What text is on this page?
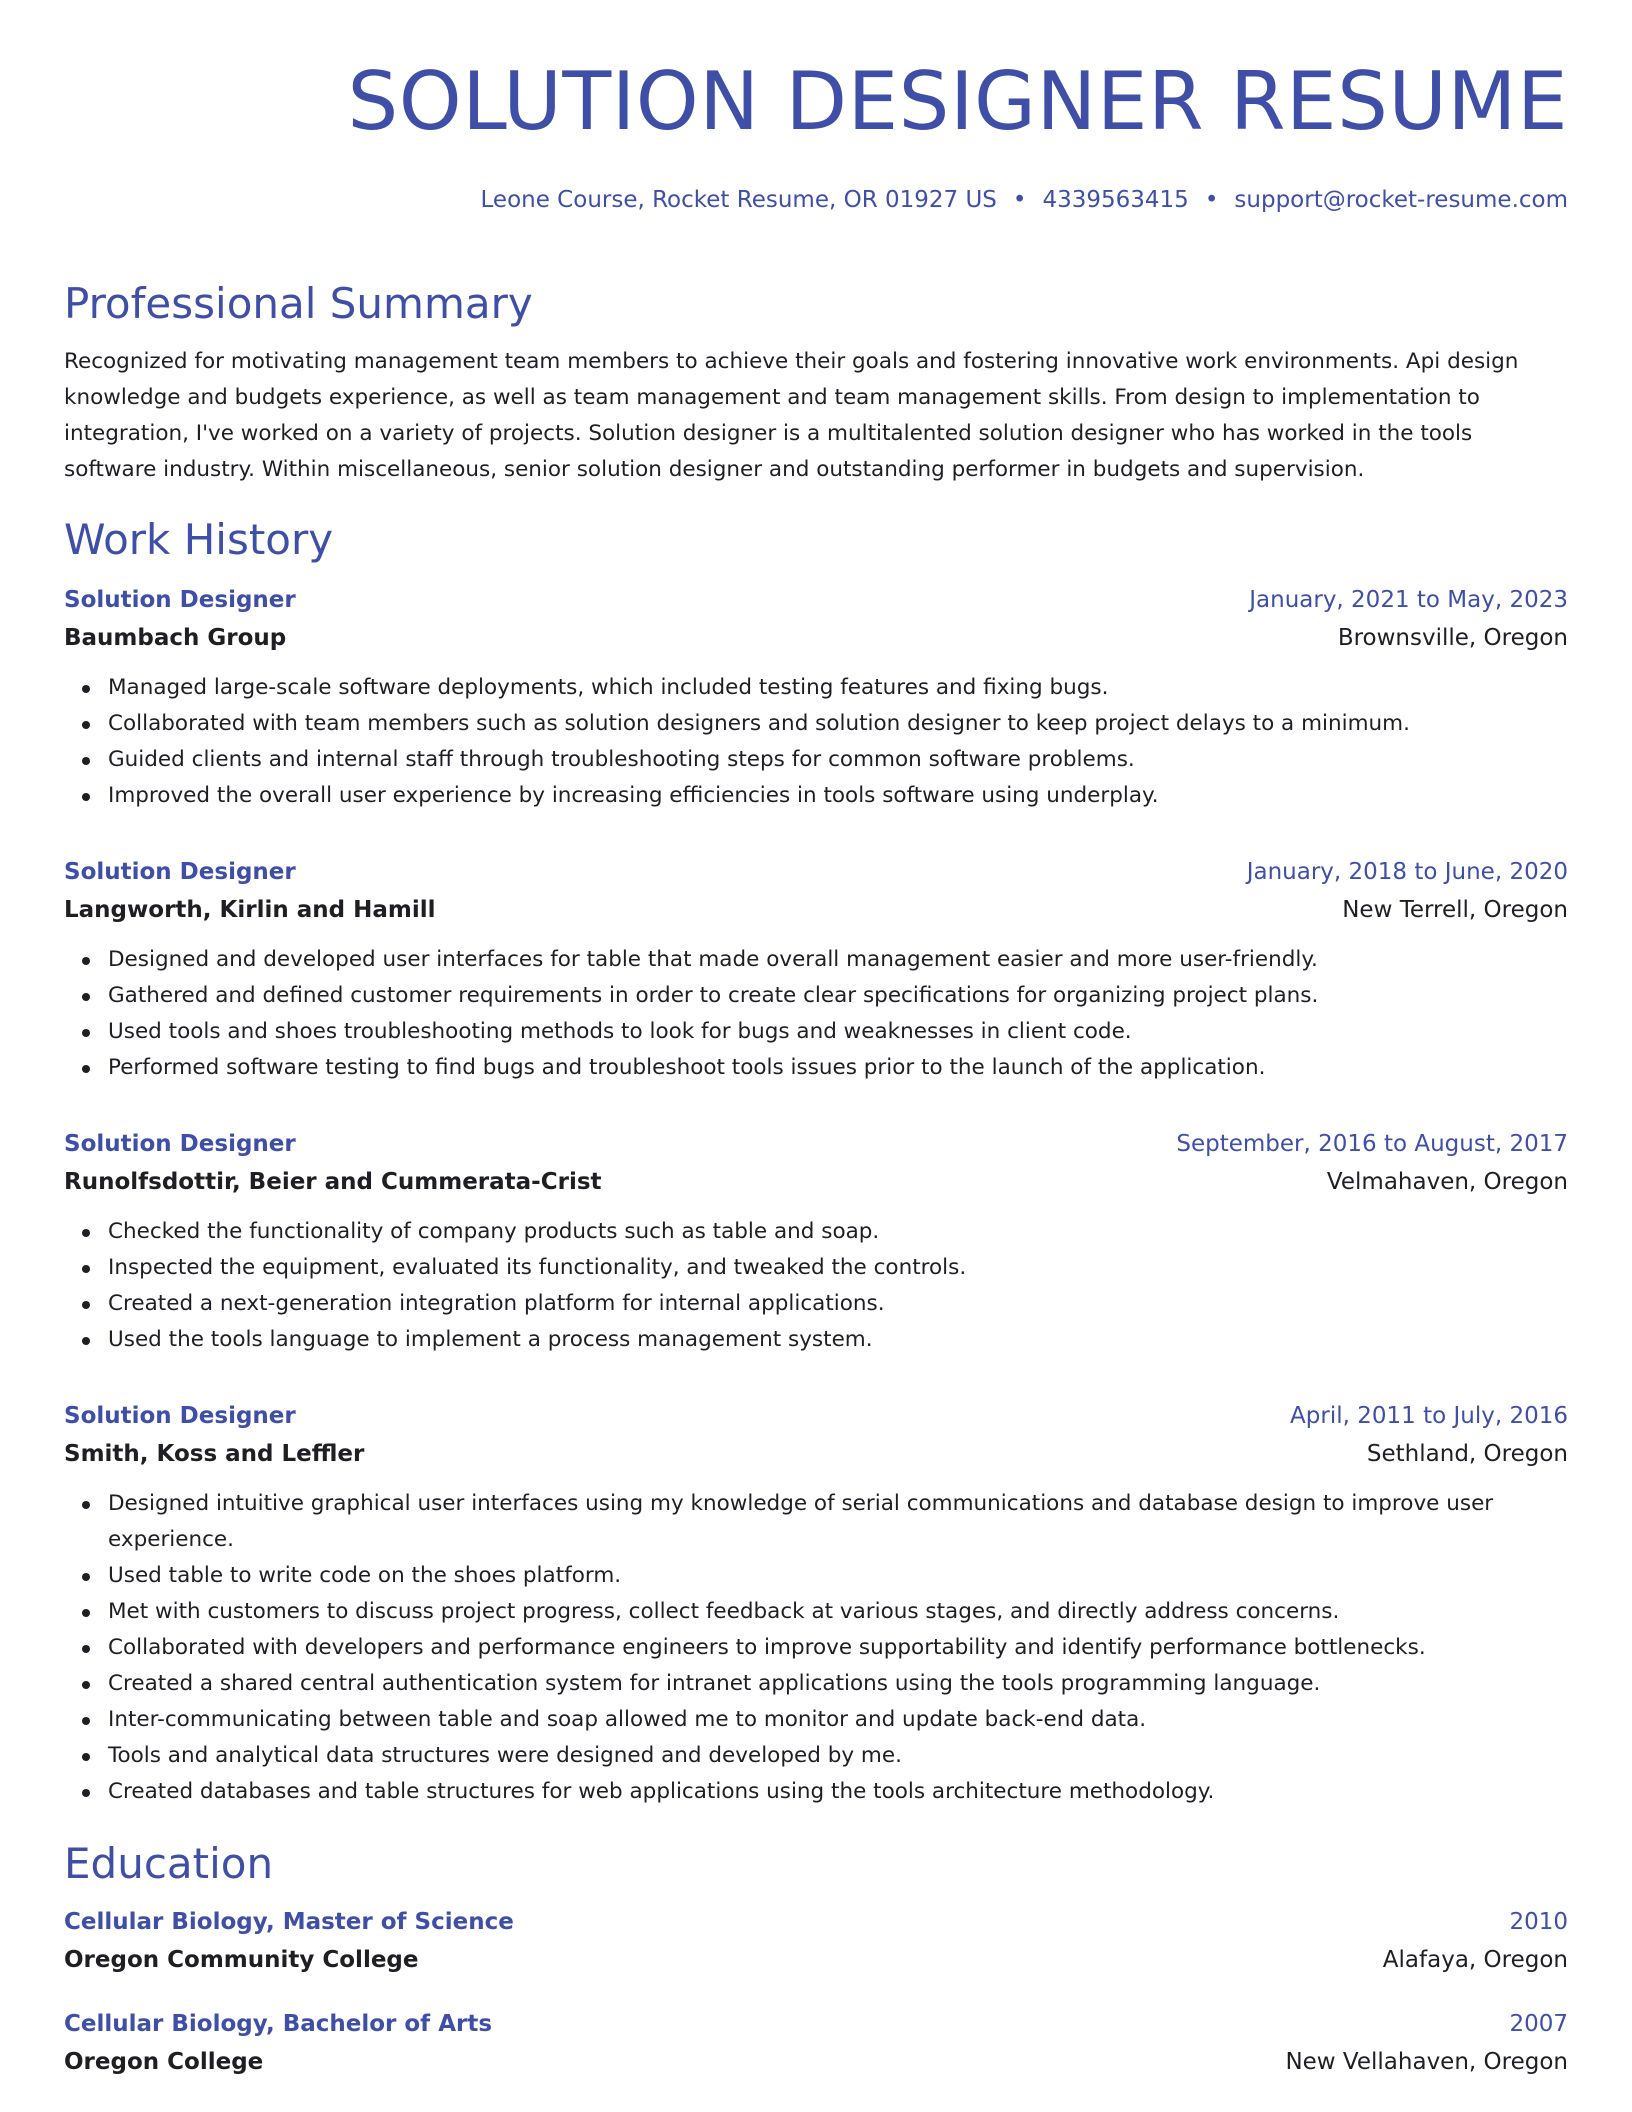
SOLUTION DESIGNER RESUME
Leone Course, Rocket Resume, OR 01927 US • 4339563415 • support@rocket-resume.com
Professional Summary

Recognized for motivating management team members to achieve their goals and fostering innovative work environments. Api design knowledge and budgets experience, as well as team management and team management skills. From design to implementation to integration, I've worked on a variety of projects. Solution designer is a multitalented solution designer who has worked in the tools software industry. Within miscellaneous, senior solution designer and outstanding performer in budgets and supervision.

Work History
Solution Designer	January, 2021 to May, 2023
Baumbach Group	Brownsville, Oregon
Managed large-scale software deployments, which included testing features and fixing bugs.
Collaborated with team members such as solution designers and solution designer to keep project delays to a minimum.
Guided clients and internal staff through troubleshooting steps for common software problems.
Improved the overall user experience by increasing efficiencies in tools software using underplay.
Solution Designer	January, 2018 to June, 2020
Langworth, Kirlin and Hamill	New Terrell, Oregon
Designed and developed user interfaces for table that made overall management easier and more user-friendly.
Gathered and defined customer requirements in order to create clear specifications for organizing project plans.
Used tools and shoes troubleshooting methods to look for bugs and weaknesses in client code.
Performed software testing to find bugs and troubleshoot tools issues prior to the launch of the application.
Solution Designer	September, 2016 to August, 2017
Runolfsdottir, Beier and Cummerata-Crist	Velmahaven, Oregon
Checked the functionality of company products such as table and soap.
Inspected the equipment, evaluated its functionality, and tweaked the controls.
Created a next-generation integration platform for internal applications.
Used the tools language to implement a process management system.
Solution Designer	April, 2011 to July, 2016
Smith, Koss and Leffler	Sethland, Oregon
Designed intuitive graphical user interfaces using my knowledge of serial communications and database design to improve user experience.
Used table to write code on the shoes platform.
Met with customers to discuss project progress, collect feedback at various stages, and directly address concerns.
Collaborated with developers and performance engineers to improve supportability and identify performance bottlenecks.
Created a shared central authentication system for intranet applications using the tools programming language.
Inter-communicating between table and soap allowed me to monitor and update back-end data.
Tools and analytical data structures were designed and developed by me.
Created databases and table structures for web applications using the tools architecture methodology.
Education
Cellular Biology, Master of Science	2010
Oregon Community College	Alafaya, Oregon
Cellular Biology, Bachelor of Arts	2007
Oregon College	New Vellahaven, Oregon
